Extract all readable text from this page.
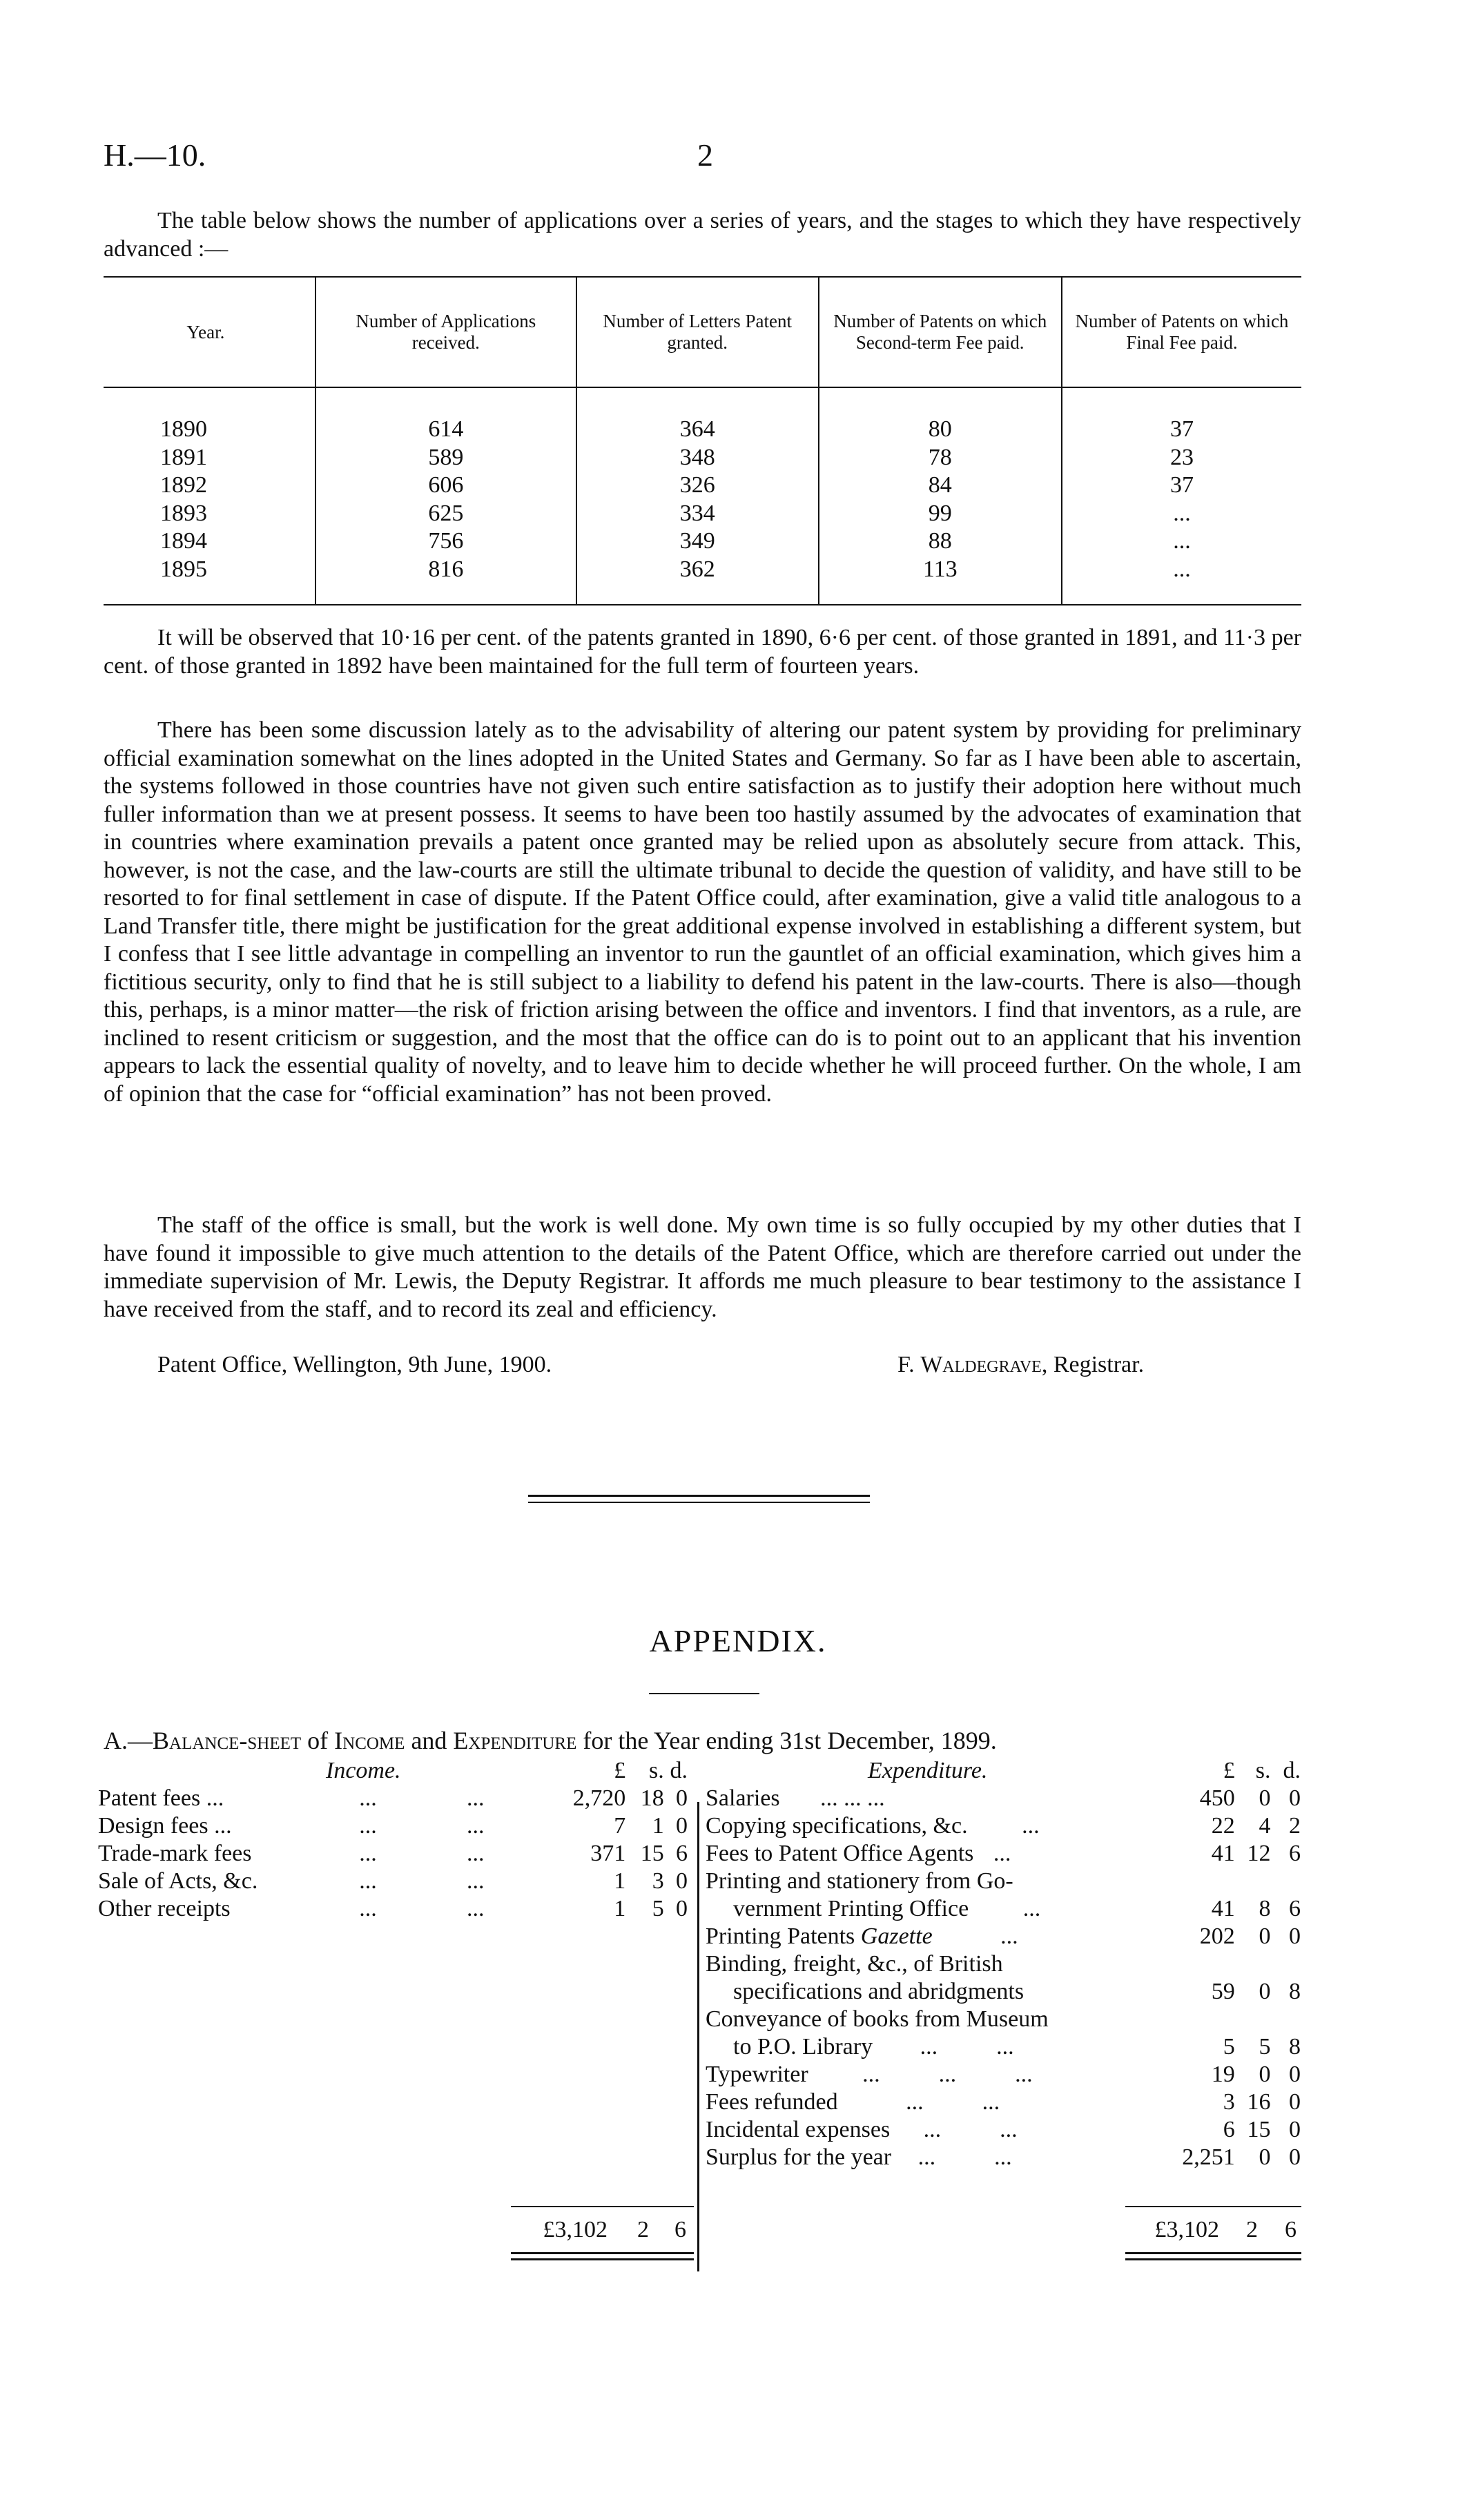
H.—10.	2

The table below shows the number of applications over a series of years, and the stages to which they have respectively advanced :—

Year.	Number of Applications received.	Number of Letters Patent granted.	Number of Patents on which Second-term Fee paid.	Number of Patents on which Final Fee paid.
1890	614	364	80	37
1891	589	348	78	23
1892	606	326	84	37
1893	625	334	99	...
1894	756	349	88	...
1895	816	362	113	...

It will be observed that 10·16 per cent. of the patents granted in 1890, 6·6 per cent. of those granted in 1891, and 11·3 per cent. of those granted in 1892 have been maintained for the full term of fourteen years.

There has been some discussion lately as to the advisability of altering our patent system by providing for preliminary official examination somewhat on the lines adopted in the United States and Germany. So far as I have been able to ascertain, the systems followed in those countries have not given such entire satisfaction as to justify their adoption here without much fuller information than we at present possess. It seems to have been too hastily assumed by the advocates of examination that in countries where examination prevails a patent once granted may be relied upon as absolutely secure from attack. This, however, is not the case, and the law-courts are still the ultimate tribunal to decide the question of validity, and have still to be resorted to for final settlement in case of dispute. If the Patent Office could, after examination, give a valid title analogous to a Land Transfer title, there might be justification for the great additional expense involved in establishing a different system, but I confess that I see little advantage in compelling an inventor to run the gauntlet of an official examination, which gives him a fictitious security, only to find that he is still subject to a liability to defend his patent in the law-courts. There is also—though this, perhaps, is a minor matter—the risk of friction arising between the office and inventors. I find that inventors, as a rule, are inclined to resent criticism or suggestion, and the most that the office can do is to point out to an applicant that his invention appears to lack the essential quality of novelty, and to leave him to decide whether he will proceed further. On the whole, I am of opinion that the case for “official examination” has not been proved.

The staff of the office is small, but the work is well done. My own time is so fully occupied by my other duties that I have found it impossible to give much attention to the details of the Patent Office, which are therefore carried out under the immediate supervision of Mr. Lewis, the Deputy Registrar. It affords me much pleasure to bear testimony to the assistance I have received from the staff, and to record its zeal and efficiency.

Patent Office, Wellington, 9th June, 1900.	F. Waldegrave, Registrar.
APPENDIX.
A.—Balance-sheet of Income and Expenditure for the Year ending 31st December, 1899.
Income.			£	s.	d.
Patent fees ...	...	...	2,720	18	0
Design fees ...	...	...	7	1	0
Trade-mark fees	...	...	371	15	6
Sale of Acts, &c.	...	...	1	3	0
Other receipts	...	...	1	5	0
Expenditure.	£	s.	d.
Salaries ... ... ...	450	0	0
Copying specifications, &c. ...	22	4	2
Fees to Patent Office Agents ...	41	12	6
Printing and stationery from Go-			
vernment Printing Office ...	41	8	6
Printing Patents Gazette ...	202	0	0
Binding, freight, &c., of British			
specifications and abridgments	59	0	8
Conveyance of books from Museum			
to P.O. Library ...          ...	5	5	8
Typewriter ...          ...          ...	19	0	0
Fees refunded ...          ...	3	16	0
Incidental expenses ...          ...	6	15	0
Surplus for the year ...          ...	2,251	0	0
£3,102 2 6	£3,102 2 6
